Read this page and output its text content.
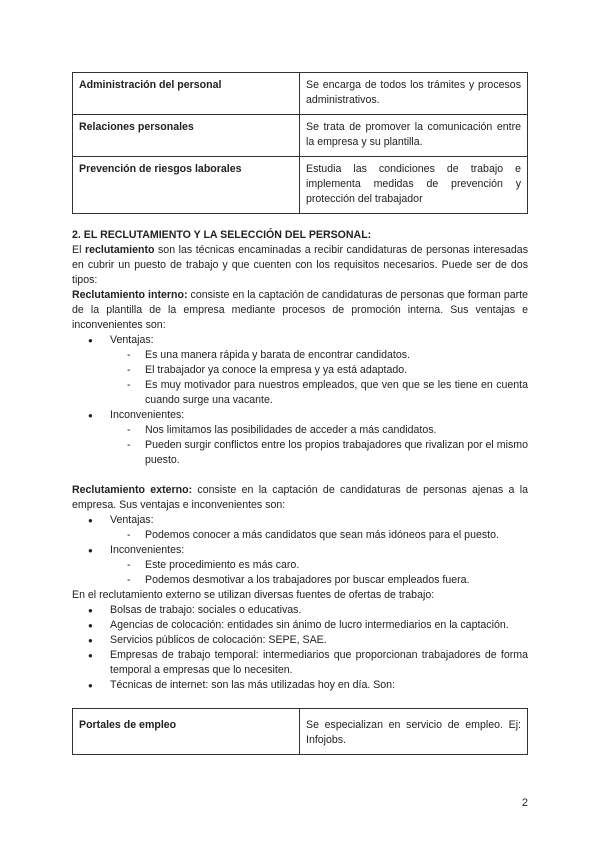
Administración del personal	Se encarga de todos los trámites y procesos administrativos.
Relaciones personales	Se trata de promover la comunicación entre la empresa y su plantilla.
Prevención de riesgos laborales	Estudia las condiciones de trabajo e implementa medidas de prevención y protección del trabajador

2. EL RECLUTAMIENTO Y LA SELECCIÓN DEL PERSONAL:

El reclutamiento son las técnicas encaminadas a recibir candidaturas de personas interesadas en cubrir un puesto de trabajo y que cuenten con los requisitos necesarios. Puede ser de dos tipos:

Reclutamiento interno: consiste en la captación de candidaturas de personas que forman parte de la plantilla de la empresa mediante procesos de promoción interna. Sus ventajas e inconvenientes son:

● Ventajas:

- Es una manera rápida y barata de encontrar candidatos.

- El trabajador ya conoce la empresa y ya está adaptado.

- Es muy motivador para nuestros empleados, que ven que se les tiene en cuenta cuando surge una vacante.

● Inconvenientes:

- Nos limitamos las posibilidades de acceder a más candidatos.

- Pueden surgir conflictos entre los propios trabajadores que rivalizan por el mismo puesto.

Reclutamiento externo: consiste en la captación de candidaturas de personas ajenas a la empresa. Sus ventajas e inconvenientes son:

● Ventajas:

- Podemos conocer a más candidatos que sean más idóneos para el puesto.

● Inconvenientes:

- Este procedimiento es más caro.

- Podemos desmotivar a los trabajadores por buscar empleados fuera.

En el reclutamiento externo se utilizan diversas fuentes de ofertas de trabajo:

● Bolsas de trabajo: sociales o educativas.

● Agencias de colocación: entidades sin ánimo de lucro intermediarios en la captación.

● Servicios públicos de colocación: SEPE, SAE.

● Empresas de trabajo temporal: intermediarios que proporcionan trabajadores de forma temporal a empresas que lo necesiten.

● Técnicas de internet: son las más utilizadas hoy en día. Son:

Portales de empleo	Se especializan en servicio de empleo. Ej: Infojobs.
2
